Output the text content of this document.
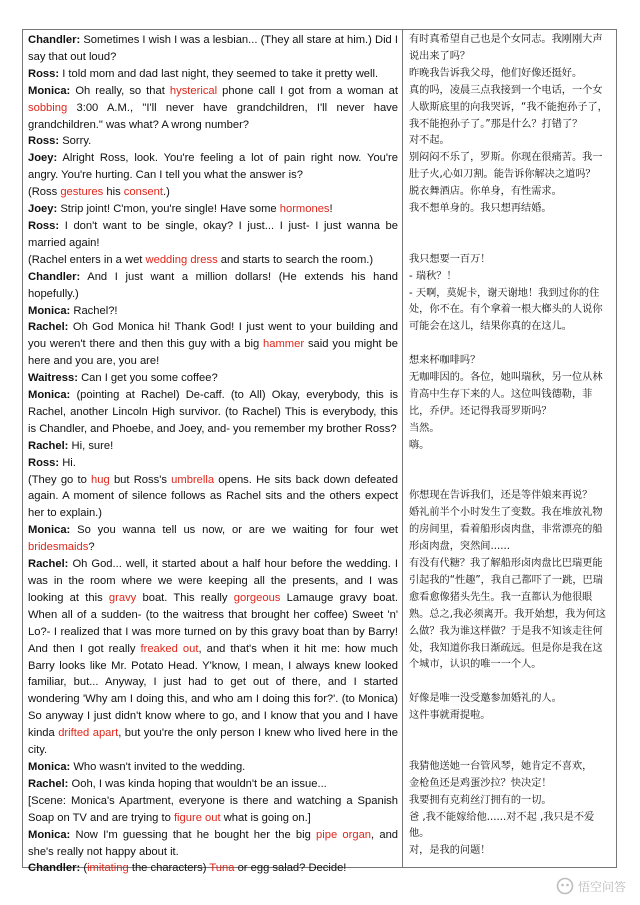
Chandler: Sometimes I wish I was a lesbian... (They all stare at him.) Did I say that out loud?

Ross: I told mom and dad last night, they seemed to take it pretty well.

Monica: Oh really, so that hysterical phone call I got from a woman at sobbing 3:00 A.M., "I'll never have grandchildren, I'll never have grandchildren." was what? A wrong number?

Ross: Sorry.

Joey: Alright Ross, look. You're feeling a lot of pain right now. You're angry. You're hurting. Can I tell you what the answer is?

(Ross gestures his consent.)

Joey: Strip joint! C'mon, you're single! Have some hormones!

Ross: I don't want to be single, okay? I just... I just- I just wanna be married again!

(Rachel enters in a wet wedding dress and starts to search the room.)

Chandler: And I just want a million dollars! (He extends his hand hopefully.)

Monica: Rachel?!

Rachel: Oh God Monica hi! Thank God! I just went to your building and you weren't there and then this guy with a big hammer said you might be here and you are, you are!

Waitress: Can I get you some coffee?

Monica: (pointing at Rachel) De-caff. (to All) Okay, everybody, this is Rachel, another Lincoln High survivor. (to Rachel) This is everybody, this is Chandler, and Phoebe, and Joey, and- you remember my brother Ross?

Rachel: Hi, sure!

Ross: Hi.

(They go to hug but Ross's umbrella opens. He sits back down defeated again. A moment of silence follows as Rachel sits and the others expect her to explain.)

Monica: So you wanna tell us now, or are we waiting for four wet bridesmaids?

Rachel: Oh God... well, it started about a half hour before the wedding. I was in the room where we were keeping all the presents, and I was looking at this gravy boat. This really gorgeous Lamauge gravy boat. When all of a sudden- (to the waitress that brought her coffee) Sweet 'n' Lo?- I realized that I was more turned on by this gravy boat than by Barry! And then I got really freaked out, and that's when it hit me: how much Barry looks like Mr. Potato Head. Y'know, I mean, I always knew looked familiar, but... Anyway, I just had to get out of there, and I started wondering 'Why am I doing this, and who am I doing this for?'. (to Monica) So anyway I just didn't know where to go, and I know that you and I have kinda drifted apart, but you're the only person I knew who lived here in the city.

Monica: Who wasn't invited to the wedding.

Rachel: Ooh, I was kinda hoping that wouldn't be an issue...

[Scene: Monica's Apartment, everyone is there and watching a Spanish Soap on TV and are trying to figure out what is going on.]

Monica: Now I'm guessing that he bought her the big pipe organ, and she's really not happy about it.

Chandler: (imitating the characters) Tuna or egg salad? Decide!

有时真希望自己也是个女同志。我刚刚大声说出来了吗？

昨晚我告诉我父母，他们好像还挺好。

真的吗，凌晨三点我接到一个电话，一个女人歇斯底里的向我哭诉，“我不能抱孙子了，我不能抱孙子了。”那是什么？打错了？

对不起。

别闷闷不乐了，罗斯。你现在很痛苦。我一肚子火,心如刀割。能告诉你解决之道吗？

脱衣舞酒店。你单身，有性需求。

我不想单身的。我只想再结婚。

我只想要一百万！

- 瑞秋？！

- 天啊，莫妮卡，谢天谢地！我到过你的住处，你不在。有个拿着一根大榔头的人说你可能会在这儿，结果你真的在这儿。

想来杯咖啡吗？

无咖啡因的。各位，她叫瑞秋，另一位从林肯高中生存下来的人。这位叫钱德勒，菲比，乔伊。还记得我哥罗斯吗？

当然。

嗨。

你想现在告诉我们，还是等伴娘来再说？

婚礼前半个小时发生了变数。我在堆放礼物的房间里，看着船形卤肉盘，非常漂亮的船形卤肉盘，突然间......

有没有代糖？我了解船形卤肉盘比巴瑞更能引起我的“性趣”，我自己都吓了一跳，巴瑞愈看愈像猪头先生。我一直都认为他很眼熟。总之,我必须离开。我开始想，我为何这么做？我为谁这样做？于是我不知该走往何处，我知道你我日渐疏远。但是你是我在这个城市，认识的唯一一个人。

好像是唯一没受邀参加婚礼的人。

这件事就甭提啦。

我猜他送她一台管风琴，她肯定不喜欢，

金枪鱼还是鸡蛋沙拉？快决定！

我要拥有克莉丝汀拥有的一切。

爸 ,我不能嫁给他......对不起 ,我只是不爱他。

对，是我的问题！

悟空问答
